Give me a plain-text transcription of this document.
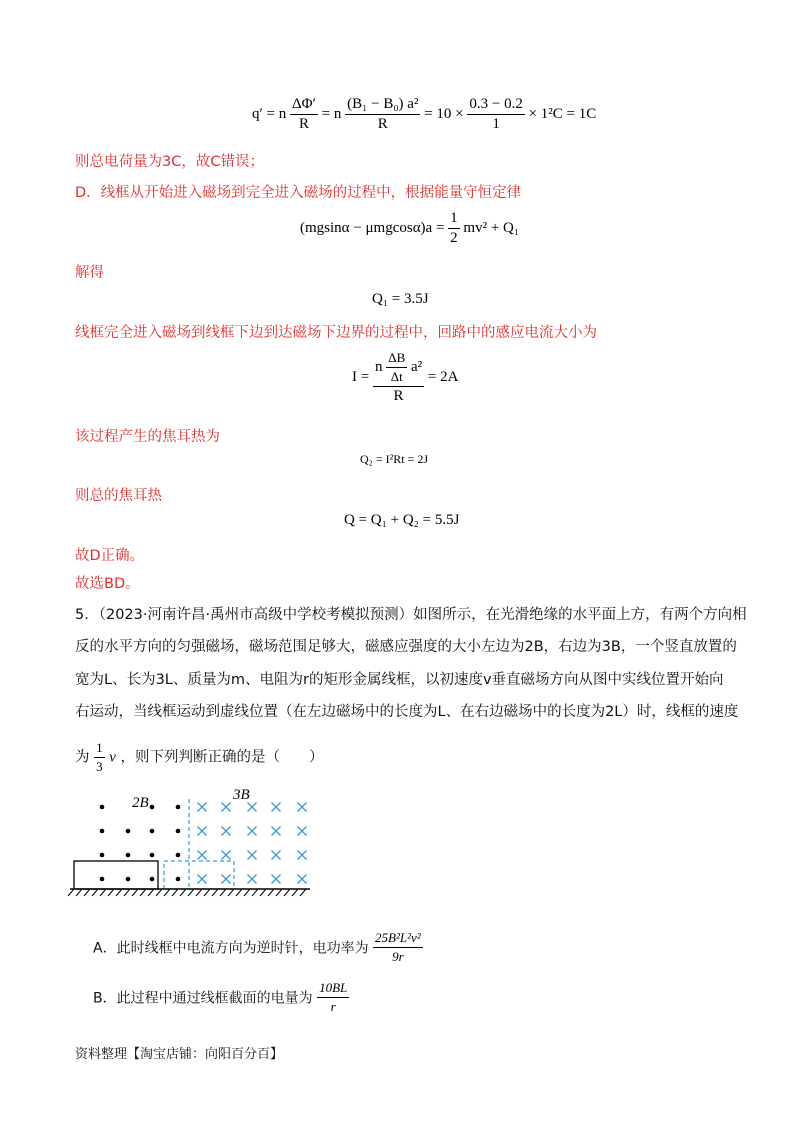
q′ = n $\frac{\Delta\Phi'}{R} = n \frac{\text{(B₁ − B₀) a²}}{R} = 10 \times \frac{0.3 - 0.2}{1} \times 1^2C = 1C$
则总电荷量为3C，故C错误；
D．线框从开始进入磁场到完全进入磁场的过程中，根据能量守恒定律
$(mgsin\alpha - \mu mgcos\alpha)a = \frac{1}{2} mv^2 + Q_1$
解得
Q₁ = 3.5J
线框完全进入磁场到线框下边到达磁场下边界的过程中，回路中的感应电流大小为
$I = \frac{n \frac{\Delta B}{\Delta t} a^2}{R} = 2A$
该过程产生的焦耳热为
Q₂ = I²Rt = 2J
则总的焦耳热
Q = Q₁ + Q₂ = 5.5J
故D正确。
故选BD。
5．（2023·河南许昌·禹州市高级中学校考模拟预测）如图所示，在光滑绝缘的水平面上方，有两个方向相
反的水平方向的匀强磁场，磁场范围足够大，磁感应强度的大小左边为2B，右边为3B，一个竖直放置的
宽为L、长为3L、质量为m、电阻为r的矩形金属线框，以初速度v垂直磁场方向从图中实线位置开始向
右运动，当线框运动到虚线位置（在左边磁场中的长度为L、在右边磁场中的长度为2L）时，线框的速度
为 $\frac{1}{3}$ v ，则下列判断正确的是（　　）
2B	3B
A．此时线框中电流方向为逆时针，电功率为 $\frac{\text{25B²L²v²}}{9r}$
B．此过程中通过线框截面的电量为 $\frac{10BL}{r}$
资料整理【淘宝店铺：向阳百分百】
